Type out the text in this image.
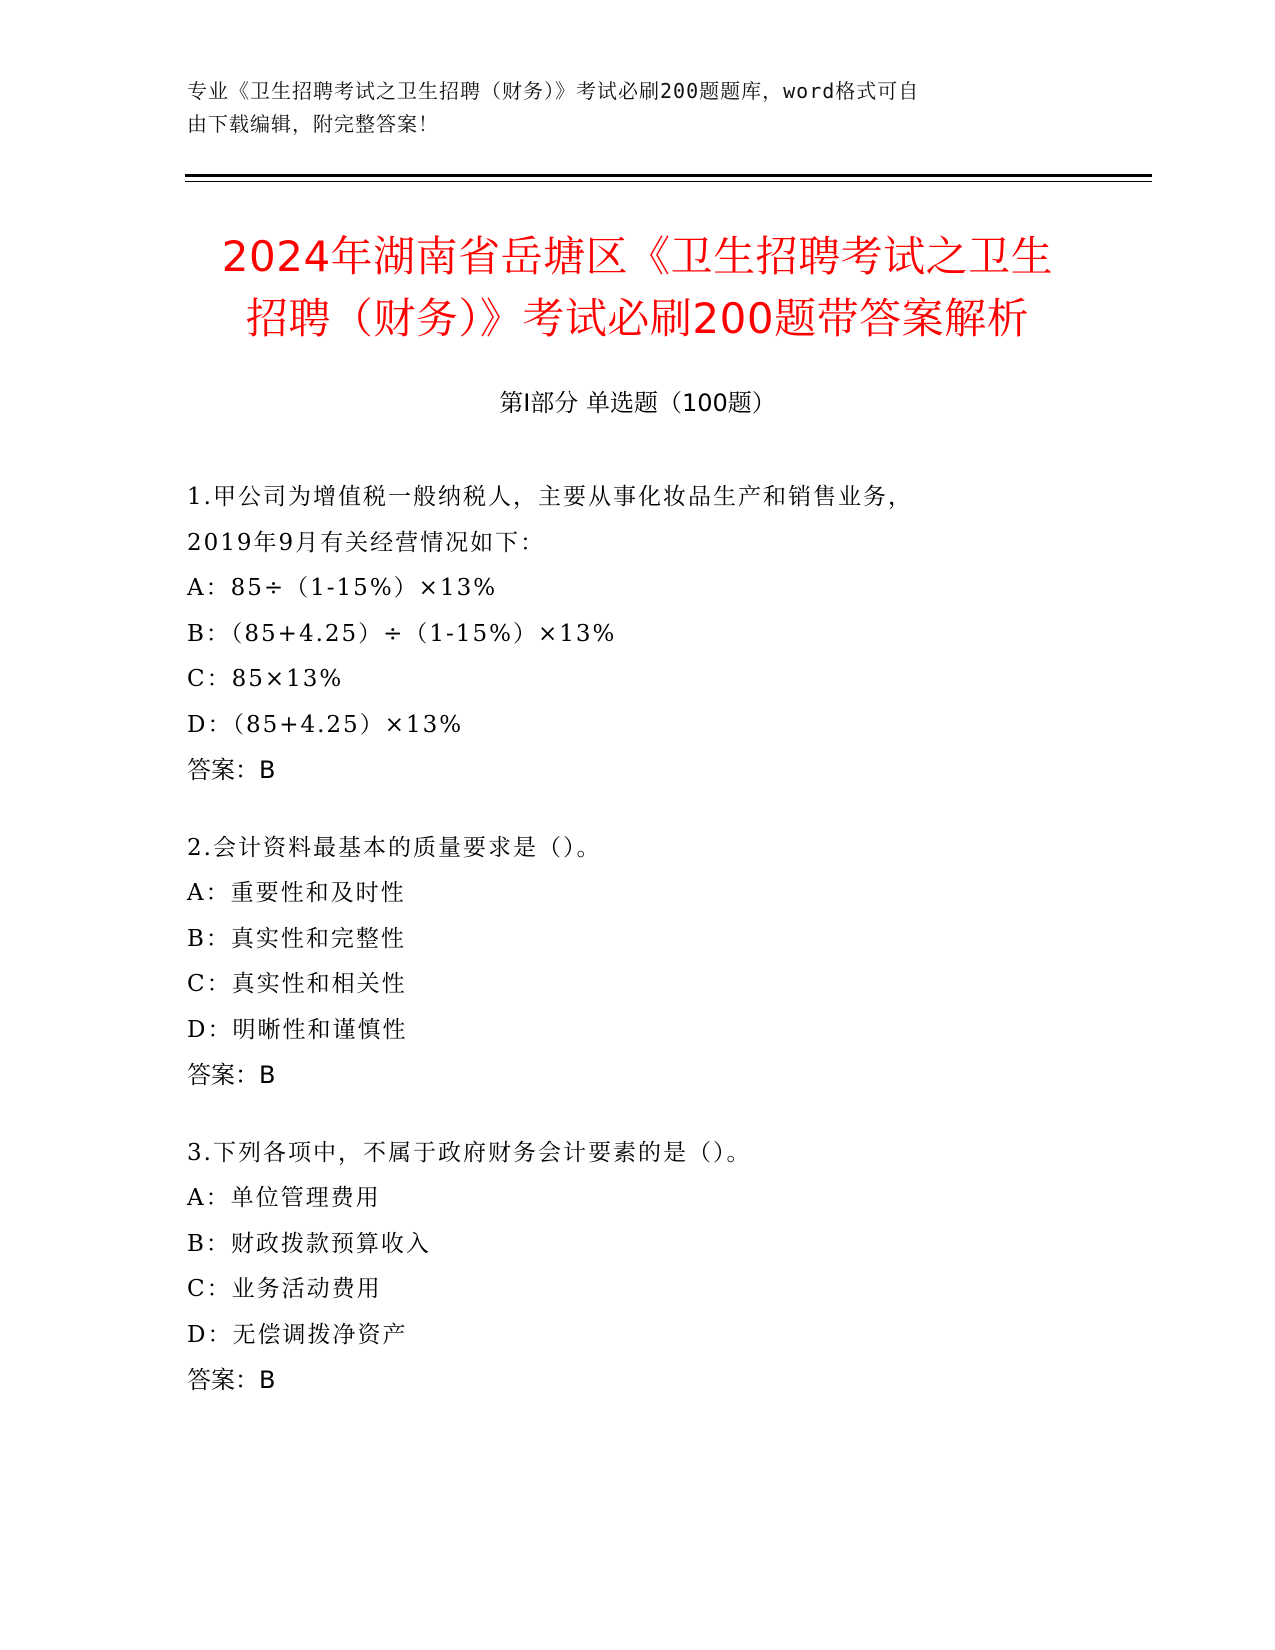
专业《卫生招聘考试之卫生招聘（财务）》考试必刷200题题库，word格式可自
由下载编辑，附完整答案！
2024年湖南省岳塘区《卫生招聘考试之卫生
招聘（财务）》考试必刷200题带答案解析
第Ⅰ部分 单选题（100题）
1.甲公司为增值税一般纳税人，主要从事化妆品生产和销售业务，
2019年9月有关经营情况如下：
A：85÷（1-15%）×13%
B：（85+4.25）÷（1-15%）×13%
C：85×13%
D：（85+4.25）×13%
答案：B
2.会计资料最基本的质量要求是（）。
A：重要性和及时性
B：真实性和完整性
C：真实性和相关性
D：明晰性和谨慎性
答案：B
3.下列各项中，不属于政府财务会计要素的是（）。
A：单位管理费用
B：财政拨款预算收入
C：业务活动费用
D：无偿调拨净资产
答案：B
